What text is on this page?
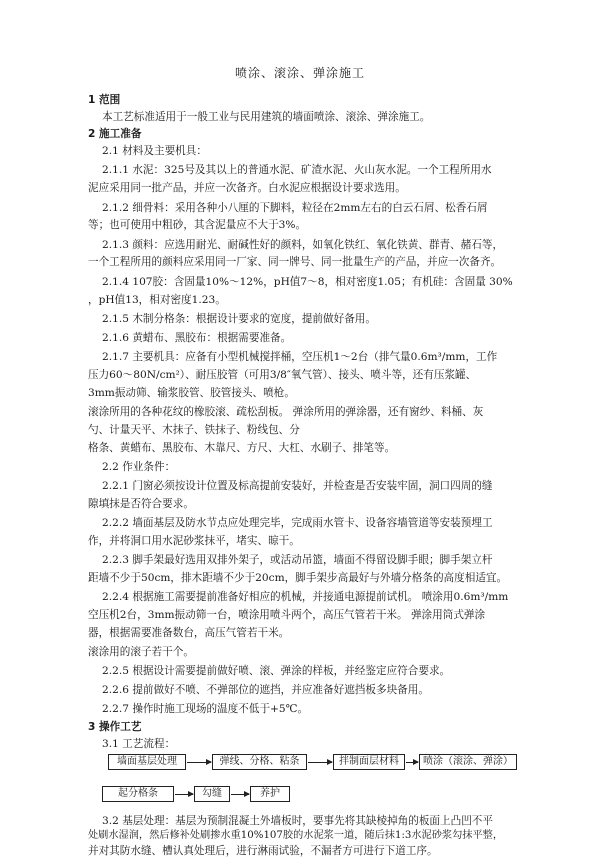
喷涂、滚涂、弹涂施工
1 范围
本工艺标准适用于一般工业与民用建筑的墙面喷涂、滚涂、弹涂施工。
2 施工准备
2.1 材料及主要机具：
2.1.1 水泥：325号及其以上的普通水泥、矿渣水泥、火山灰水泥。一个工程所用水
泥应采用同一批产品，并应一次备齐。白水泥应根据设计要求选用。
2.1.2 细骨料：采用各种小八厘的下脚料，粒径在2mm左右的白云石屑、松香石屑
等；也可使用中粗砂，其含泥量应不大于3%。
2.1.3 颜料：应选用耐光、耐碱性好的颜料，如氧化铁红、氧化铁黄、群青、赭石等，
一个工程所用的颜料应采用同一厂家、同一牌号、同一批量生产的产品，并应一次备齐。
2.1.4 107胶：含固量10%～12%，pH值7～8，相对密度1.05；有机硅：含固量 30%
，pH值13，相对密度1.23。
2.1.5 木制分格条：根据设计要求的宽度，提前做好备用。
2.1.6 黄蜡布、黑胶布：根据需要准备。
2.1.7 主要机具：应备有小型机械搅拌桶，空压机1～2台（排气量0.6m³/mm，工作
压力60～80N/cm²）、耐压胶管（可用3/8″氧气管）、接头、喷斗等，还有压浆罐、
3mm振动筛、输浆胶管、胶管接头、喷枪。
滚涂所用的各种花纹的橡胶滚、疏松刮板。 弹涂所用的弹涂器，还有窗纱、料桶、灰
勺、计量天平、木抹子、铁抹子、粉线包、分
格条、黄蜡布、黑胶布、木靠尺、方尺、大杠、水刷子、排笔等。
2.2 作业条件：
2.2.1 门窗必须按设计位置及标高提前安装好，并检查是否安装牢固，洞口四周的缝
隙填抹是否符合要求。
2.2.2 墙面基层及防水节点应处理完毕，完成雨水管卡、设备容墙管道等安装预埋工
作，并将洞口用水泥砂浆抹平，堵实、晾干。
2.2.3 脚手架最好选用双排外架子，或活动吊篮，墙面不得留设脚手眼；脚手架立杆
距墙不少于50cm，排木距墙不少于20cm，脚手架步高最好与外墙分格条的高度相适宜。
2.2.4 根据施工需要提前准备好相应的机械，并接通电源提前试机。 喷涂用0.6m³/mm
空压机2台，3mm振动筛一台，喷涂用喷斗两个，高压气管若干米。 弹涂用筒式弹涂
器，根据需要准备数台，高压气管若干米。
滚涂用的滚子若干个。
2.2.5 根据设计需要提前做好喷、滚、弹涂的样板，并经鉴定应符合要求。
2.2.6 提前做好不喷、不弹部位的遮挡，并应准备好遮挡板多块备用。
2.2.7 操作时施工现场的温度不低于+5℃。
3 操作工艺
3.1 工艺流程：
墙面基层处理	弹线、分格、粘条	拌制面层材料	喷涂（滚涂、弹涂）
起分格条	勾缝	养护
3.2 基层处理：基层为预制混凝土外墙板时，要事先将其缺棱掉角的板面上凸凹不平
处刷水湿润，然后修补处刷掺水重10%107胶的水泥浆一道，随后抹1:3水泥砂浆勾抹平整，
并对其防水缝、槽认真处理后，进行淋雨试验，不漏者方可进行下道工序。
